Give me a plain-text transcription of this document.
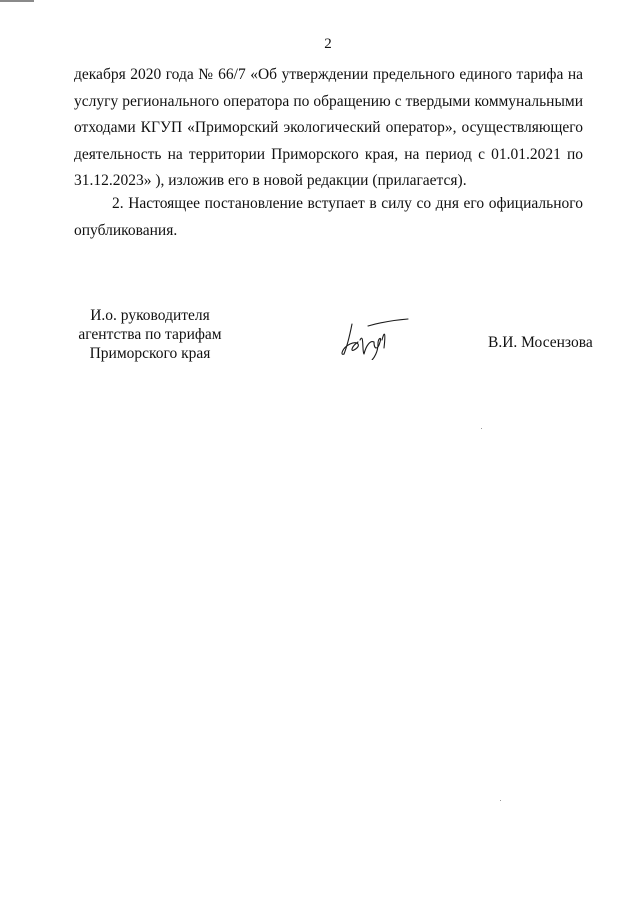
2

декабря 2020 года № 66/7 «Об утверждении предельного единого тарифа на услугу регионального оператора по обращению с твердыми коммунальными отходами КГУП «Приморский экологический оператор», осуществляющего деятельность на территории Приморского края, на период с 01.01.2021 по 31.12.2023» ), изложив его в новой редакции (прилагается).

2. Настоящее постановление вступает в силу со дня его официального опубликования.

И.о. руководителя
агентства по тарифам
Приморского края
В.И. Мосензова
